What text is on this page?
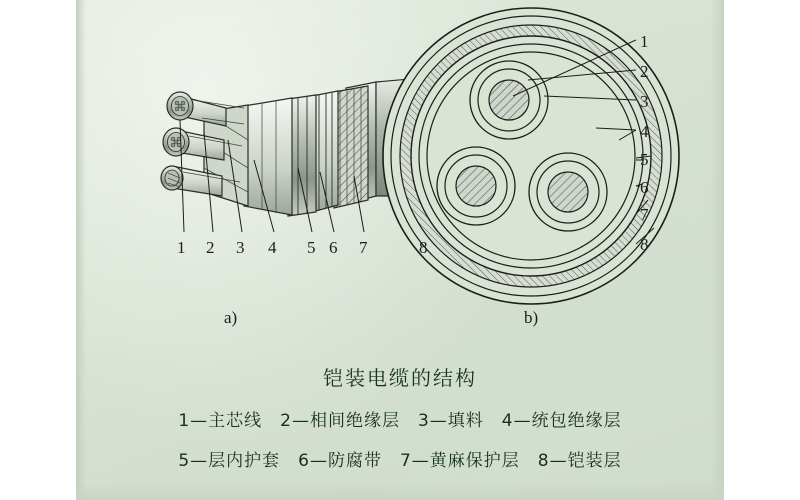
1 2 3 4 5 6 7	8
1
2
3
4
5
6
7
8
a)	b)
铠装电缆的结构
1—主芯线　2—相间绝缘层　3—填料　4—统包绝缘层
5—层内护套　6—防腐带　7—黄麻保护层　8—铠装层
